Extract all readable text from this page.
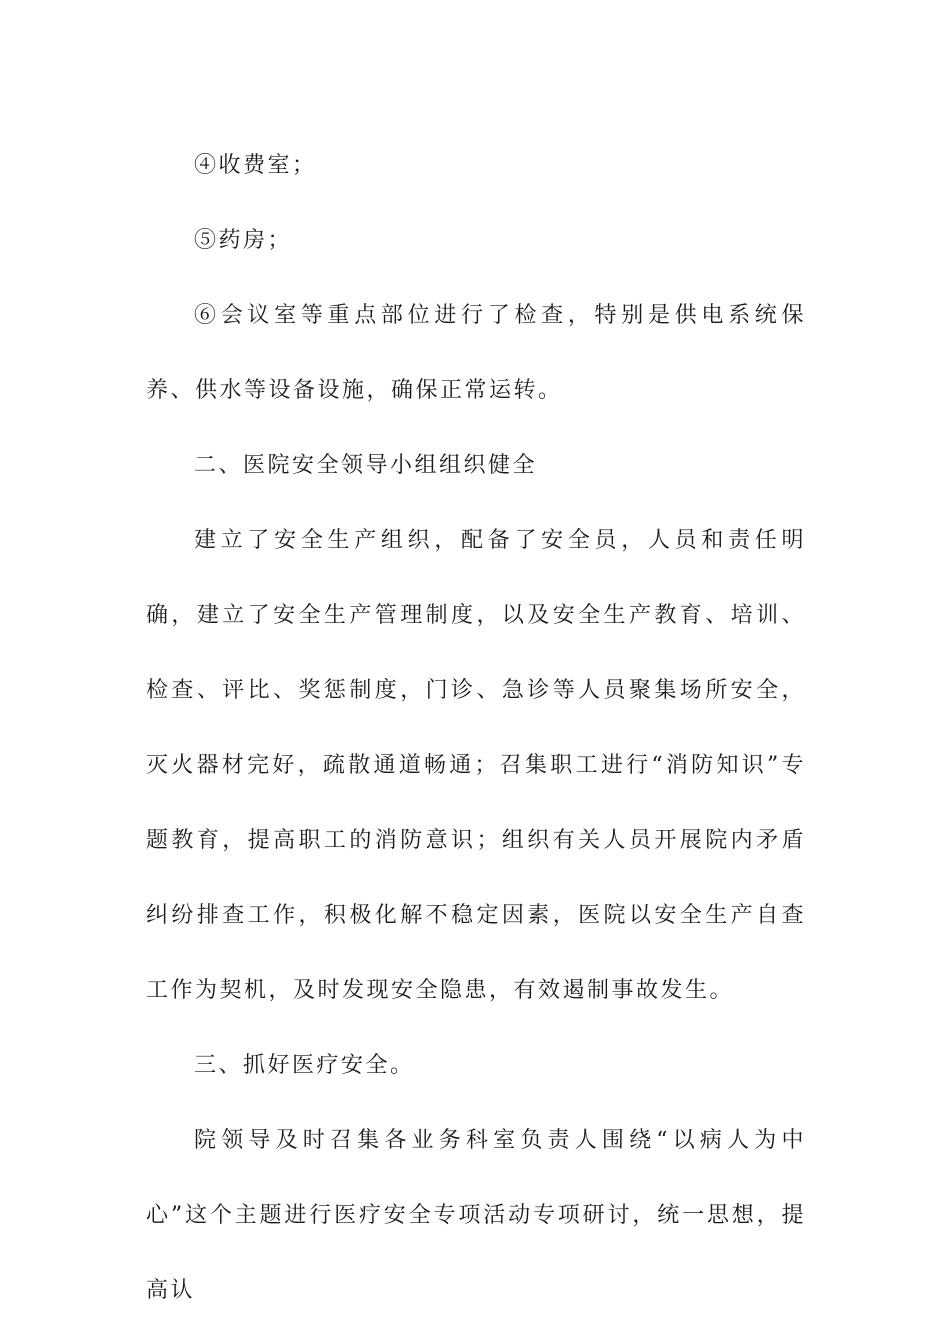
④收费室；

⑤药房；

⑥会议室等重点部位进行了检查，特别是供电系统保养、供水等设备设施，确保正常运转。

二、医院安全领导小组组织健全

建立了安全生产组织，配备了安全员，人员和责任明确，建立了安全生产管理制度，以及安全生产教育、培训、检查、评比、奖惩制度，门诊、急诊等人员聚集场所安全，灭火器材完好，疏散通道畅通；召集职工进行“消防知识”专题教育，提高职工的消防意识；组织有关人员开展院内矛盾纠纷排查工作，积极化解不稳定因素，医院以安全生产自查工作为契机，及时发现安全隐患，有效遏制事故发生。

三、抓好医疗安全。

院领导及时召集各业务科室负责人围绕“以病人为中心”这个主题进行医疗安全专项活动专项研讨，统一思想，提高认
